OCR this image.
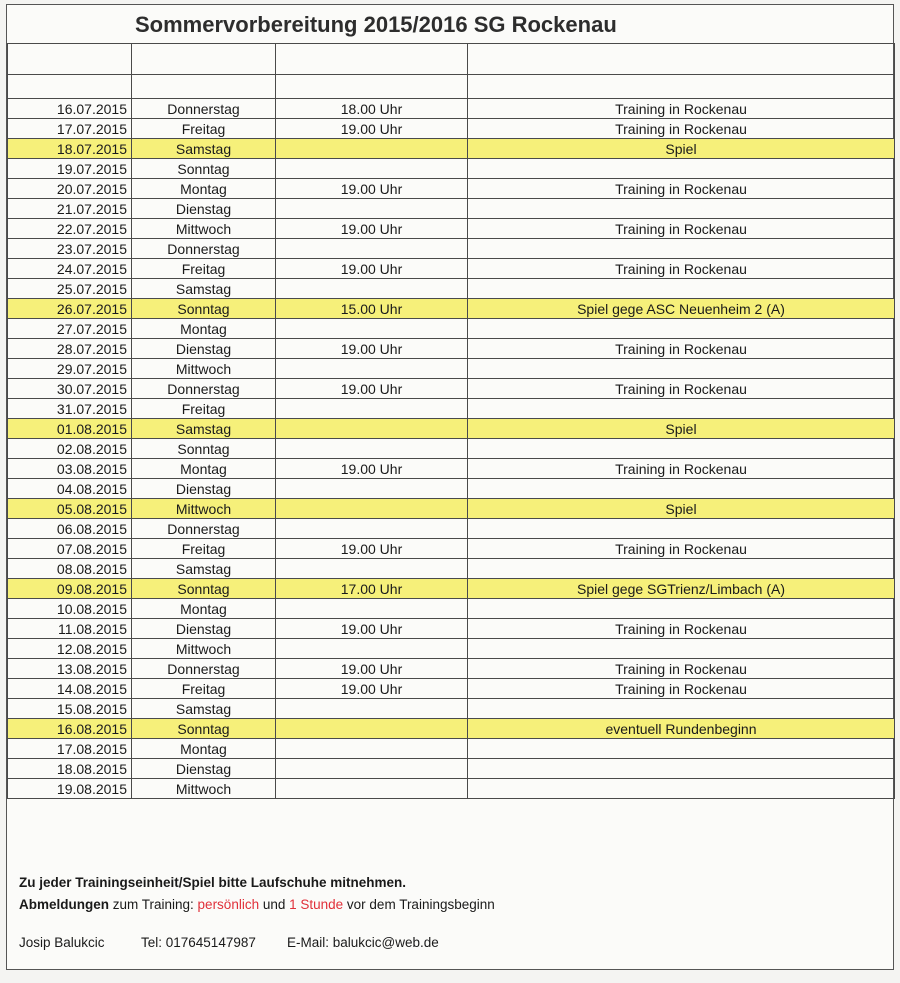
Sommervorbereitung 2015/2016 SG Rockenau

16.07.2015	Donnerstag	18.00 Uhr	Training in Rockenau
17.07.2015	Freitag	19.00 Uhr	Training in Rockenau
18.07.2015	Samstag		Spiel
19.07.2015	Sonntag		
20.07.2015	Montag	19.00 Uhr	Training in Rockenau
21.07.2015	Dienstag		
22.07.2015	Mittwoch	19.00 Uhr	Training in Rockenau
23.07.2015	Donnerstag		
24.07.2015	Freitag	19.00 Uhr	Training in Rockenau
25.07.2015	Samstag		
26.07.2015	Sonntag	15.00 Uhr	Spiel gege ASC Neuenheim 2 (A)
27.07.2015	Montag		
28.07.2015	Dienstag	19.00 Uhr	Training in Rockenau
29.07.2015	Mittwoch		
30.07.2015	Donnerstag	19.00 Uhr	Training in Rockenau
31.07.2015	Freitag		
01.08.2015	Samstag		Spiel
02.08.2015	Sonntag		
03.08.2015	Montag	19.00 Uhr	Training in Rockenau
04.08.2015	Dienstag		
05.08.2015	Mittwoch		Spiel
06.08.2015	Donnerstag		
07.08.2015	Freitag	19.00 Uhr	Training in Rockenau
08.08.2015	Samstag		
09.08.2015	Sonntag	17.00 Uhr	Spiel gege SGTrienz/Limbach (A)
10.08.2015	Montag		
11.08.2015	Dienstag	19.00 Uhr	Training in Rockenau
12.08.2015	Mittwoch		
13.08.2015	Donnerstag	19.00 Uhr	Training in Rockenau
14.08.2015	Freitag	19.00 Uhr	Training in Rockenau
15.08.2015	Samstag		
16.08.2015	Sonntag		eventuell Rundenbeginn
17.08.2015	Montag		
18.08.2015	Dienstag		
19.08.2015	Mittwoch		
Zu jeder Trainingseinheit/Spiel bitte Laufschuhe mitnehmen.
Abmeldungen zum Training: persönlich und 1 Stunde vor dem Trainingsbeginn
Josip Balukcic	Tel: 017645147987 E-Mail: balukcic@web.de
